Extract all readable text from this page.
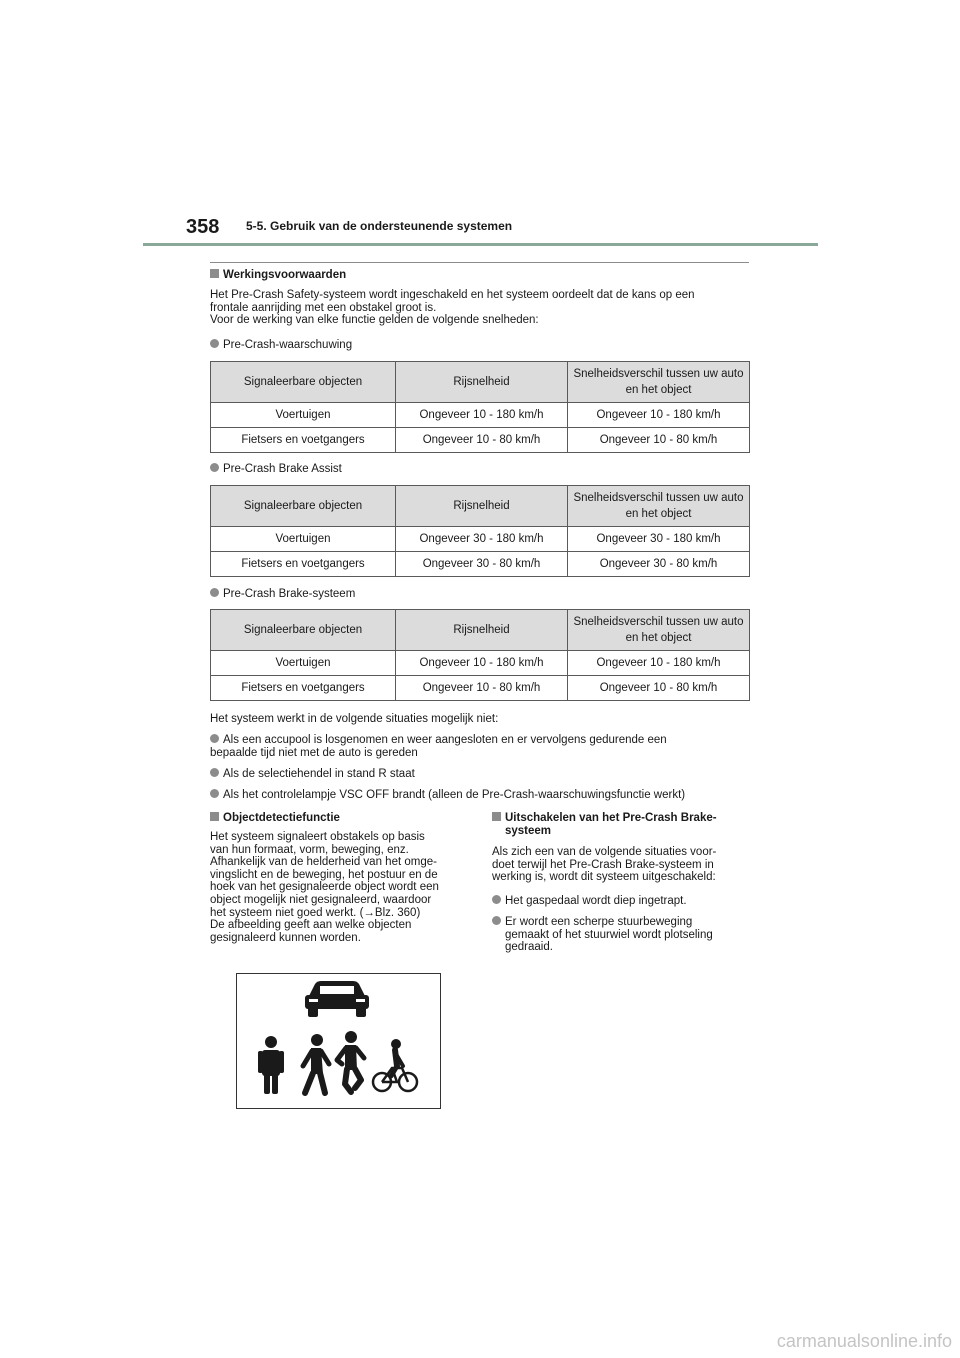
358 5-5. Gebruik van de ondersteunende systemen
Werkingsvoorwaarden
Het Pre-Crash Safety-systeem wordt ingeschakeld en het systeem oordeelt dat de kans op een
frontale aanrijding met een obstakel groot is.
Voor de werking van elke functie gelden de volgende snelheden:
Pre-Crash-waarschuwing
Signaleerbare objecten	Rijsnelheid	Snelheidsverschil tussen uw auto en het object
Voertuigen	Ongeveer 10 - 180 km/h	Ongeveer 10 - 180 km/h
Fietsers en voetgangers	Ongeveer 10 - 80 km/h	Ongeveer 10 - 80 km/h
Pre-Crash Brake Assist
Signaleerbare objecten	Rijsnelheid	Snelheidsverschil tussen uw auto en het object
Voertuigen	Ongeveer 30 - 180 km/h	Ongeveer 30 - 180 km/h
Fietsers en voetgangers	Ongeveer 30 - 80 km/h	Ongeveer 30 - 80 km/h
Pre-Crash Brake-systeem
Signaleerbare objecten	Rijsnelheid	Snelheidsverschil tussen uw auto en het object
Voertuigen	Ongeveer 10 - 180 km/h	Ongeveer 10 - 180 km/h
Fietsers en voetgangers	Ongeveer 10 - 80 km/h	Ongeveer 10 - 80 km/h
Het systeem werkt in de volgende situaties mogelijk niet:
Als een accupool is losgenomen en weer aangesloten en er vervolgens gedurende een
bepaalde tijd niet met de auto is gereden
Als de selectiehendel in stand R staat
Als het controlelampje VSC OFF brandt (alleen de Pre-Crash-waarschuwingsfunctie werkt)
Objectdetectiefunctie
Het systeem signaleert obstakels op basis
van hun formaat, vorm, beweging, enz.
Afhankelijk van de helderheid van het omge-
vingslicht en de beweging, het postuur en de
hoek van het gesignaleerde object wordt een
object mogelijk niet gesignaleerd, waardoor
het systeem niet goed werkt. (→Blz. 360)
De afbeelding geeft aan welke objecten
gesignaleerd kunnen worden.
Uitschakelen van het Pre-Crash Brake-
systeem
Als zich een van de volgende situaties voor-
doet terwijl het Pre-Crash Brake-systeem in
werking is, wordt dit systeem uitgeschakeld:
Het gaspedaal wordt diep ingetrapt.
Er wordt een scherpe stuurbeweging
gemaakt of het stuurwiel wordt plotseling
gedraaid.
carmanualsonline.info
